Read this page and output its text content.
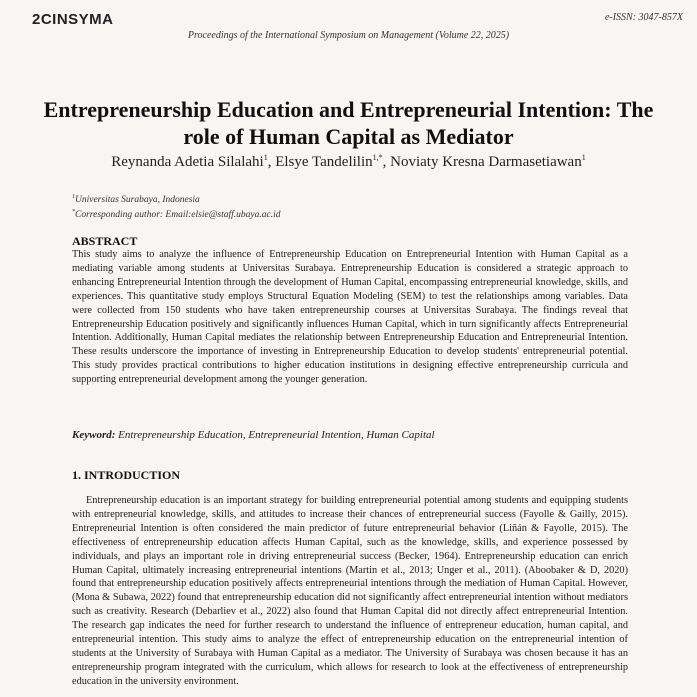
2CINSYMA	e-ISSN: 3047-857X
Proceedings of the International Symposium on Management (Volume 22, 2025)
Entrepreneurship Education and Entrepreneurial Intention: The role of Human Capital as Mediator
Reynanda Adetia Silalahi$^1$, Elsye Tandelilin$^{1,*}$, Noviaty Kresna Darmasetiawan$^1$
$^1$Universitas Surabaya, Indonesia
*Corresponding author: Email:elsie@staff.ubaya.ac.id
ABSTRACT
This study aims to analyze the influence of Entrepreneurship Education on Entrepreneurial Intention with Human Capital as a mediating variable among students at Universitas Surabaya. Entrepreneurship Education is considered a strategic approach to enhancing Entrepreneurial Intention through the development of Human Capital, encompassing entrepreneurial knowledge, skills, and experiences. This quantitative study employs Structural Equation Modeling (SEM) to test the relationships among variables. Data were collected from 150 students who have taken entrepreneurship courses at Universitas Surabaya. The findings reveal that Entrepreneurship Education positively and significantly influences Human Capital, which in turn significantly affects Entrepreneurial Intention. Additionally, Human Capital mediates the relationship between Entrepreneurship Education and Entrepreneurial Intention. These results underscore the importance of investing in Entrepreneurship Education to develop students' entrepreneurial potential. This study provides practical contributions to higher education institutions in designing effective entrepreneurship curricula and supporting entrepreneurial development among the younger generation.
Keyword: Entrepreneurship Education, Entrepreneurial Intention, Human Capital
1. INTRODUCTION
Entrepreneurship education is an important strategy for building entrepreneurial potential among students and equipping students with entrepreneurial knowledge, skills, and attitudes to increase their chances of entrepreneurial success (Fayolle & Gailly, 2015). Entrepreneurial Intention is often considered the main predictor of future entrepreneurial behavior (Liñán & Fayolle, 2015). The effectiveness of entrepreneurship education affects Human Capital, such as the knowledge, skills, and experience possessed by individuals, and plays an important role in driving entrepreneurial success (Becker, 1964). Entrepreneurship education can enrich Human Capital, ultimately increasing entrepreneurial intentions (Martin et al., 2013; Unger et al., 2011). (Aboobaker & D, 2020) found that entrepreneurship education positively affects entrepreneurial intentions through the mediation of Human Capital. However, (Mona & Subawa, 2022) found that entrepreneurship education did not significantly affect entrepreneurial intention without mediators such as creativity. Research (Debarliev et al., 2022) also found that Human Capital did not directly affect entrepreneurial Intention. The research gap indicates the need for further research to understand the influence of entrepreneur education, human capital, and entrepreneurial intention. This study aims to analyze the effect of entrepreneurship education on the entrepreneurial intention of students at the University of Surabaya with Human Capital as a mediator. The University of Surabaya was chosen because it has an entrepreneurship program integrated with the curriculum, which allows for research to look at the effectiveness of entrepreneurship education in the university environment.
